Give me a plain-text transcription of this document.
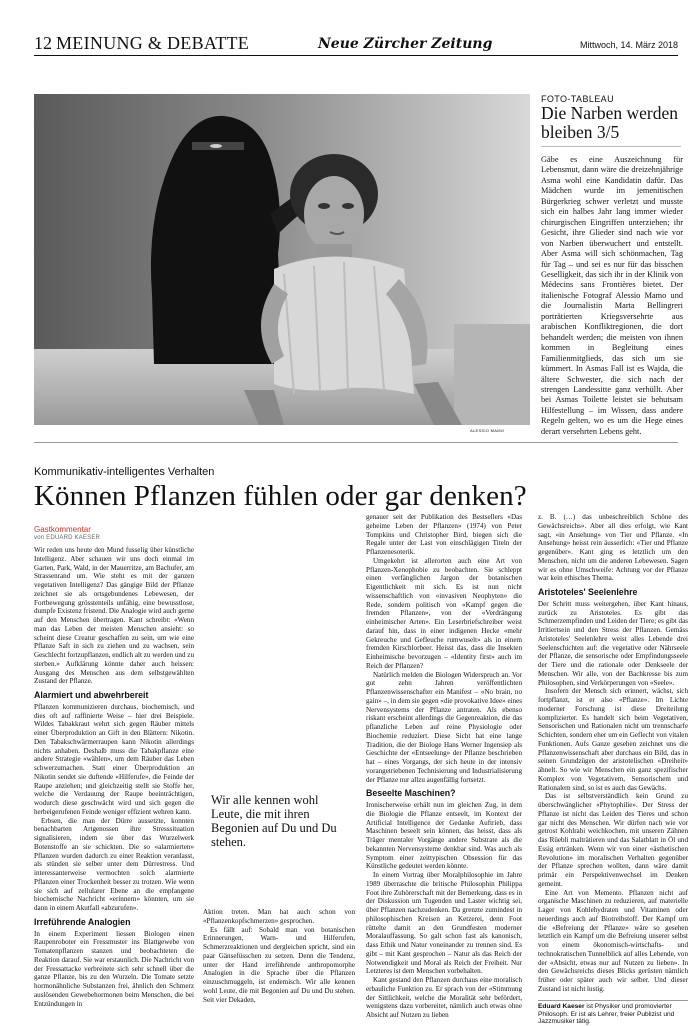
12 MEINUNG & DEBATTE	Neue Zürcher Zeitung	Mittwoch, 14. März 2018
ALESSIO MAMO
FOTO-TABLEAU
Die Narben werden bleiben 3/5
Gäbe es eine Auszeichnung für Lebensmut, dann wäre die dreizehnjährige Asma wohl eine Kandidatin dafür. Das Mädchen wurde im jemenitischen Bürgerkrieg schwer verletzt und musste sich ein halbes Jahr lang immer wieder chirurgischen Eingriffen unterziehen; ihr Gesicht, ihre Glieder sind nach wie vor von Narben überwuchert und entstellt. Aber Asma will sich schönmachen, Tag für Tag – und sei es nur für das bisschen Geselligkeit, das sich ihr in der Klinik von Médecins sans Frontières bietet. Der italienische Fotograf Alessio Mamo und die Journalistin Marta Bellingreri porträtierten Kriegsversehrte aus arabischen Konfliktregionen, die dort behandelt werden; die meisten von ihnen kommen in Begleitung eines Familienmitglieds, das sich um sie kümmert. In Asmas Fall ist es Wajda, die ältere Schwester, die sich nach der strengen Landessitte ganz verhüllt. Aber bei Asmas Toilette leistet sie behutsam Hilfestellung – im Wissen, dass andere Regeln gelten, wo es um die Hege eines derart versehrten Lebens geht.
Kommunikativ-intelligentes Verhalten
Können Pflanzen fühlen oder gar denken?
Gastkommentar
von EDUARD KAESER

Wir reden uns heute den Mund fusselig über künstliche Intelligenz. Aber schauen wir uns doch einmal im Garten, Park, Wald, in der Mauerritze, am Bachufer, am Strassenrand um. Wie steht es mit der ganzen vegetativen Intelligenz? Das gängige Bild der Pflanze zeichnet sie als ortsgebundenes Lebewesen, der Fortbewegung grösstenteils unfähig, eine bewusstlose, dumpfe Existenz fristend. Die Analogie wird auch gerne auf den Menschen übertragen. Kant schreibt: «Wenn man das Leben der meisten Menschen ansieht: so scheint diese Creatur geschaffen zu sein, um wie eine Pflanze Saft in sich zu ziehen und zu wachsen, sein Geschlecht fortzupflanzen, endlich alt zu werden und zu sterben.» Aufklärung könnte daher auch heissen: Ausgang des Menschen aus dem selbstgewählten Zustand der Pflanze.

Alarmiert und abwehrbereit

Pflanzen kommunizieren durchaus, biochemisch, und dies oft auf raffinierte Weise – hier drei Beispiele. Wildes Tabakkraut wehrt sich gegen Räuber mittels einer Überproduktion an Gift in den Blättern: Nikotin. Den Tabakschwärmerraupen kann Nikotin allerdings nichts anhaben. Deshalb muss die Tabakpflanze eine andere Strategie «wählen», um dem Räuber das Leben schwerzumachen. Statt einer Überproduktion an Nikotin sendet sie duftende «Hilferufe», die Feinde der Raupe anziehen; und gleichzeitig stellt sie Stoffe her, welche die Verdauung der Raupe beeinträchtigen, wodurch diese geschwächt wird und sich gegen die herbeigerufenen Feinde weniger effizient wehren kann.

Erbsen, die man der Dürre aussetzte, konnten benachbarten Artgenossen ihre Stresssituation signalisieren, indem sie über das Wurzelwerk Botenstoffe an sie schickten. Die so «alarmierten» Pflanzen wurden dadurch zu einer Reaktion veranlasst, als stünden sie selber unter dem Dürrestress. Und interessanterweise vermochten solch alarmierte Pflanzen einer Trockenheit besser zu trotzen. Wie wenn sie sich auf zellularer Ebene an die empfangene biochemische Nachricht «erinnern» könnten, um sie dann in einem Akutfall «abzurufen».

Irreführende Analogien

In einem Experiment liessen Biologen einen Raupenroboter ein Fressmuster ins Blattgewebe von Tomatenpflanzen stanzen und beobachteten die Reaktion darauf. Sie war erstaunlich. Die Nachricht von der Fressattacke verbreitete sich sehr schnell über die ganze Pflanze, bis zu den Wurzeln. Die Tomate setzte hormonähnliche Substanzen frei, ähnlich den Schmerz auslösenden Gewebehormonen beim Menschen, die bei Entzündungen in

Wir alle kennen wohl Leute, die mit ihren Begonien auf Du und Du stehen.

Aktion treten. Man hat auch schon von «Pflanzenkopfschmerzen» gesprochen.

Es fällt auf: Sobald man von botanischen Erinnerungen, Warn- und Hilferufen, Schmerzreaktionen und dergleichen spricht, sind ein paar Gänsefüsschen zu setzen. Denn die Tendenz, unter der Hand irreführende anthropomorphe Analogien in die Sprache über die Pflanzen einzuschmuggeln, ist endemisch. Wir alle kennen wohl Leute, die mit Begonien auf Du und Du stehen. Seit vier Dekaden,

genauer seit der Publikation des Bestsellers «Das geheime Leben der Pflanzen» (1974) von Peter Tompkins und Christopher Bird, biegen sich die Regale unter der Last von einschlägigen Titeln der Pflanzenesoterik.

Umgekehrt ist allerorten auch eine Art von Pflanzen-Xenophobie zu beobachten. Sie schleppt einen verfänglichen Jargon der botanischen Eigentlichkeit mit sich. Es ist nun nicht wissenschaftlich von «invasiven Neophyten» die Rede, sondern politisch von «Kampf gegen die fremden Pflanzen», von der «Verdrängung einheimischer Arten». Ein Leserbriefschreiber weist darauf hin, dass in einer indigenen Hecke «mehr Gekreuche und Gefleuche rumwuselt» als in einem fremden Kirschlorbeer. Heisst das, dass die Insekten Einheimische bevorzugen – «Identity first» auch im Reich der Pflanzen?

Natürlich melden die Biologen Widerspruch an. Vor gut zehn Jahren veröffentlichten Pflanzenwissenschafter ein Manifest – «No brain, no gain» –, in dem sie gegen «die provokative Idee» eines Nervensystems der Pflanze antraten. Als ebenso riskant erscheint allerdings die Gegenreaktion, die das pflanzliche Leben auf reine Physiologie oder Biochemie reduziert. Diese Sicht hat eine lange Tradition, die der Biologe Hans Werner Ingensiep als Geschichte der «Entseelung» der Pflanze beschrieben hat – eines Vorgangs, der sich heute in der intensiv vorangetriebenen Technisierung und Industrialisierung der Pflanze nur allzu augenfällig fortsetzt.

Beseelte Maschinen?

Ironischerweise erhält nun im gleichen Zug, in dem die Biologie die Pflanze entseelt, im Kontext der Artificial Intelligence der Gedanke Auftrieb, dass Maschinen beseelt sein können, das heisst, dass als Träger mentaler Vorgänge andere Substrate als die bekannten Nervensysteme denkbar sind. Was auch als Symptom einer zeittypischen Obsession für das Künstliche gedeutet werden könnte.

In einem Vortrag über Moralphilosophie im Jahre 1989 überraschte die britische Philosophin Philippa Foot ihre Zuhörerschaft mit der Bemerkung, dass es in der Diskussion um Tugenden und Laster wichtig sei, über Pflanzen nachzudenken. Da grenzte zumindest in philosophischen Kreisen an Ketzerei, denn Foot rüttelte damit an den Grundfesten moderner Moralauffassung. So galt schon fast als kanonisch, dass Ethik und Natur voneinander zu trennen sind. Es gibt – mit Kant gesprochen – Natur als das Reich der Notwendigkeit und Moral als Reich der Freiheit. Nur Letzteres ist dem Menschen vorbehalten.

Kant gestand den Pflanzen durchaus eine moralisch erbauliche Funktion zu. Er sprach von der «Stimmung der Sittlichkeit, welche die Moralität sehr befördert, wenigstens dazu vorbereitet, nämlich auch etwas ohne Absicht auf Nutzen zu lieben

z. B. (…) das unbeschreiblich Schöne des Gewächsreichs». Aber all dies erfolgt, wie Kant sagt, «in Ansehung» von Tier und Pflanze. «In Ansehung» heisst rein äusserlich: «Tier und Pflanze gegenüber». Kant ging es letztlich um den Menschen, nicht um die anderen Lebewesen. Sagen wir es ohne Umschweife: Achtung vor der Pflanze war kein ethisches Thema.

Aristoteles' Seelenlehre

Der Schritt muss weitergehen, über Kant hinaus, zurück zu Aristoteles. Es gibt das Schmerzempfinden und Leiden der Tiere; es gibt das Irritiertsein und den Stress der Pflanzen. Gemäss Aristoteles' Seelenlehre weist alles Lebende drei Seelenschichten auf: die vegetative oder Nährseele der Pflanze, die sensorische oder Empfindungsseele der Tiere und die rationale oder Denkseele der Menschen. Wir alle, von der Bachkresse bis zum Philosophen, sind Verkörperungen von «Seele».

Insofern der Mensch sich erinnert, wächst, sich fortpflanzt, ist er also «Pflanze». Im Lichte moderner Forschung ist diese Dreiteilung komplizierter. Es handelt sich beim Vegetativen, Sensorischen und Rationalen nicht um trennscharfe Schichten, sondern eher um ein Geflecht von vitalen Funktionen. Aufs Ganze gesehen zeichnet uns die Pflanzenwissenschaft aber durchaus ein Bild, das in seinen Grundzügen der aristotelischen «Dreiheit» ähnelt. So wie wir Menschen ein ganz spezifischer Komplex von Vegetativem, Sensorischem und Rationalem sind, so ist es auch das Gewächs.

Das ist selbstverständlich kein Grund zu überschwänglicher «Phytophilie». Der Stress der Pflanze ist nicht das Leiden des Tieres und schon gar nicht des Menschen. Wir dürfen nach wie vor getrost Kohlrabi weichkochen, mit unseren Zähnen das Rüebli malträtieren und das Salatblatt in Öl und Essig ertränken. Wenn wir von einer «ästhetischen Revolution» im moralischen Verhalten gegenüber der Pflanze sprechen wollten, dann wäre damit primär ein Perspektivenwechsel im Denken gemeint.

Eine Art von Memento. Pflanzen nicht auf organische Maschinen zu reduzieren, auf materielle Lager von Kohlehydraten und Vitaminen oder neuerdings auch auf Biotreibstoff. Der Kampf um die «Befreiung der Pflanze» wäre so gesehen letztlich ein Kampf um die Befreiung unserer selbst von einem ökonomisch-wirtschafts- und technokratischen Tunnelblick auf alles Lebende, von der «Absicht, etwas nur auf Nutzen zu lieben». In den Gewächsreichs dieses Blicks gerüsten nämlich früher oder später auch wir selber. Und dieser Zustand ist nicht lustig.

Eduard Kaeser ist Physiker und promovierter Philosoph. Er ist als Lehrer, freier Publizist und Jazzmusiker tätig.
